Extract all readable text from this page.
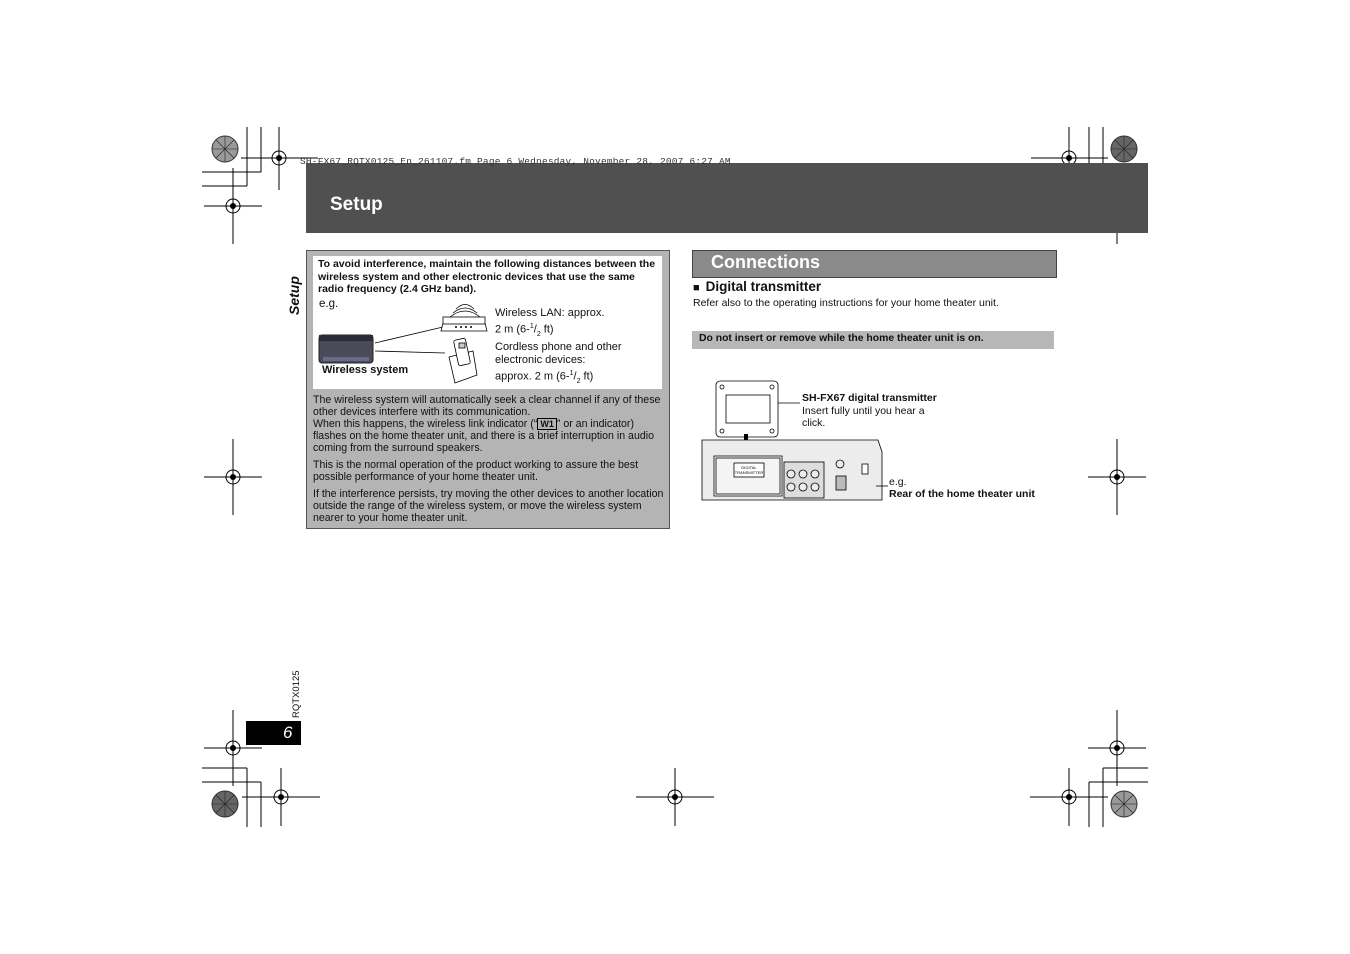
SH-FX67_RQTX0125_En_261107.fm Page 6 Wednesday, November 28, 2007 6:27 AM
Setup
Setup
To avoid interference, maintain the following distances between the wireless system and other electronic devices that use the same radio frequency (2.4 GHz band).
e.g.
Wireless system
Wireless LAN: approx.
2 m ($6-^1/_2$ ft)
Cordless phone and other
electronic devices:
approx. 2 m ($6-^1/_2$ ft)

The wireless system will automatically seek a clear channel if any of these other devices interfere with its communication.
When this happens, the wireless link indicator (“ W1 ” or an indicator) flashes on the home theater unit, and there is a brief interruption in audio coming from the surround speakers.

This is the normal operation of the product working to assure the best possible performance of your home theater unit.

If the interference persists, try moving the other devices to another location outside the range of the wireless system, or move the wireless system nearer to your home theater unit.

Connections
■ Digital transmitter
Refer also to the operating instructions for your home theater unit.
Do not insert or remove while the home theater unit is on.
DIGITAL
TRANSMITTER
SH-FX67 digital transmitter
Insert fully until you hear a click.
e.g.
Rear of the home theater unit
RQTX0125
6
